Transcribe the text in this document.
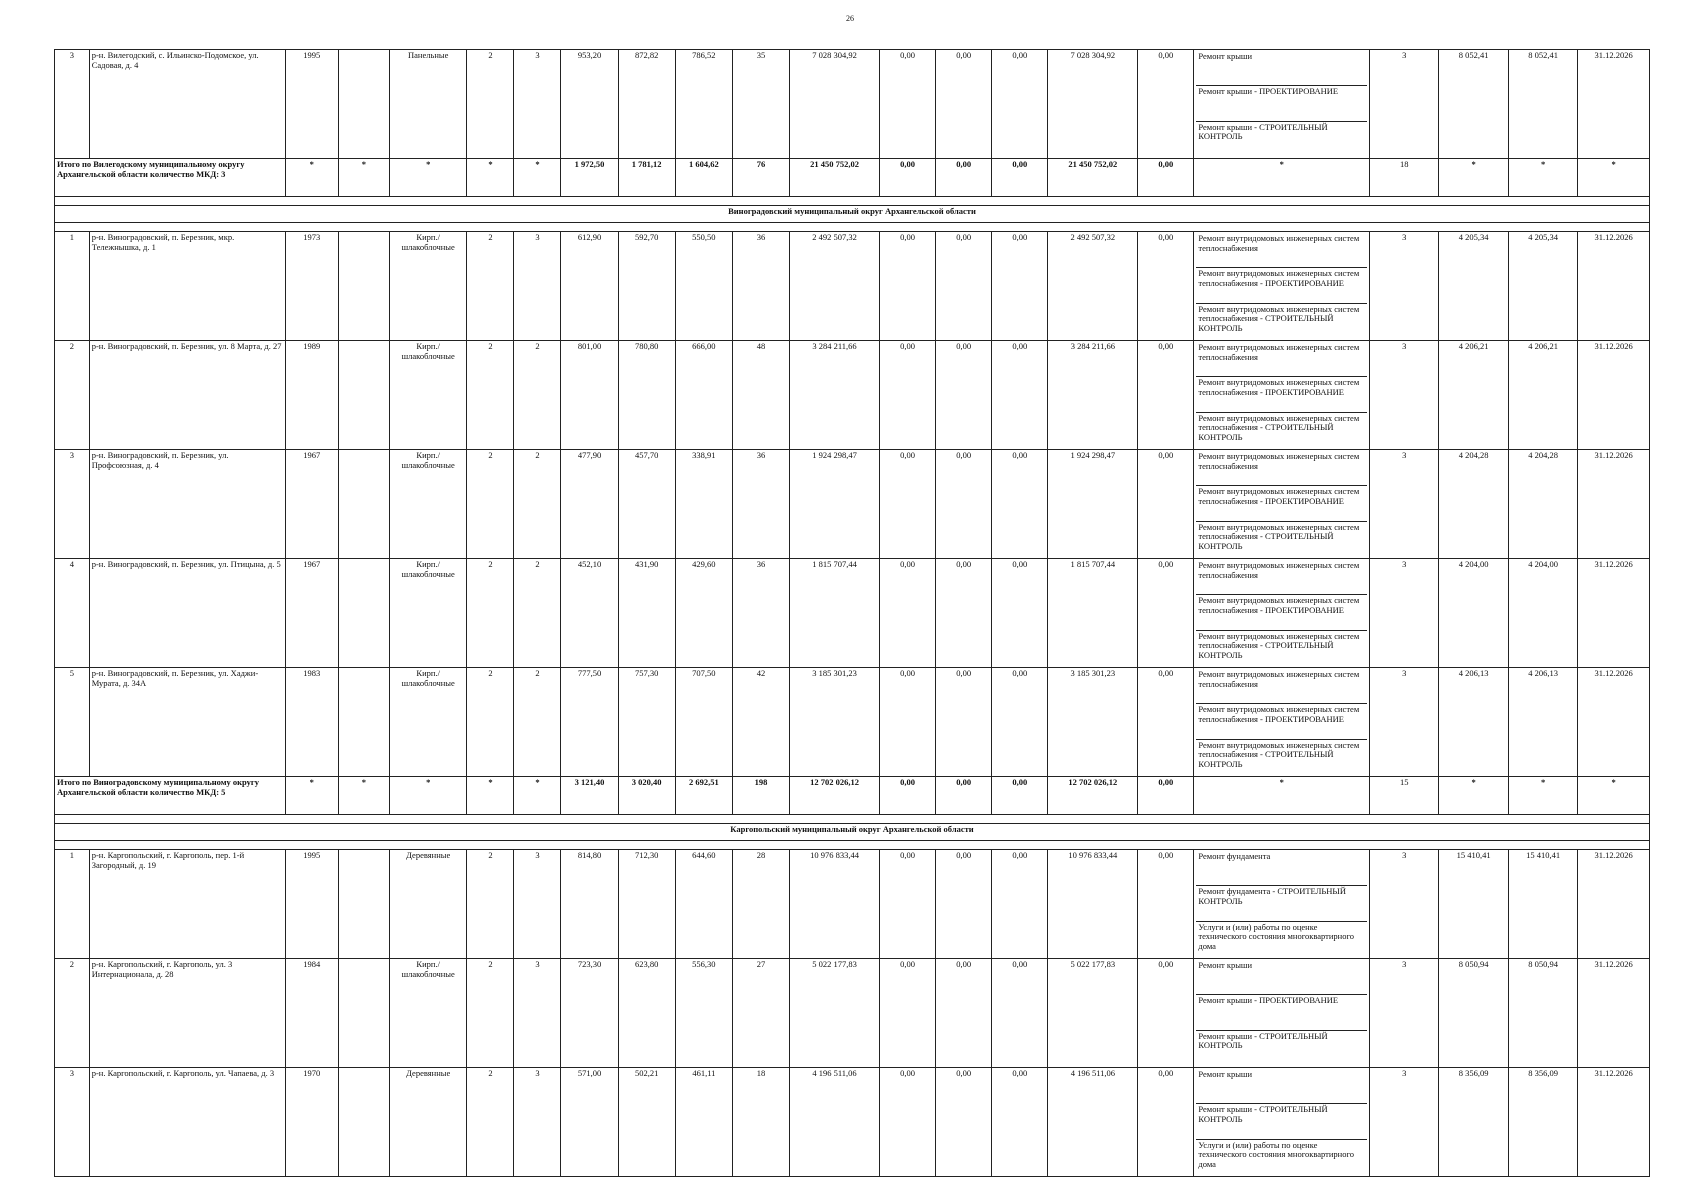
26
3	р-н. Вилегодский, с. Ильинско-Подомское, ул. Садовая, д. 4	1995		Панельные	2	3	953,20	872,82	786,52	35	7 028 304,92	0,00	0,00	0,00	7 028 304,92	0,00	Ремонт крыши
Ремонт крыши - ПРОЕКТИРОВАНИЕ
Ремонт крыши - СТРОИТЕЛЬНЫЙ КОНТРОЛЬ	3	8 052,41	8 052,41	31.12.2026
Итого по Вилегодскому муниципальному округу Архангельской области количество МКД: 3		*	*	*	*	*	1 972,50	1 781,12	1 604,62	76	21 450 752,02	0,00	0,00	0,00	21 450 752,02	0,00	*	18	*	*	*

Виноградовский муниципальный округ Архангельской области																					

1	р-н. Виноградовский, п. Березник, мкр. Тележнышка, д. 1	1973		Кирп./ шлакоблочные	2	3	612,90	592,70	550,50	36	2 492 507,32	0,00	0,00	0,00	2 492 507,32	0,00	Ремонт внутридомовых инженерных систем теплоснабжения
Ремонт внутридомовых инженерных систем теплоснабжения - ПРОЕКТИРОВАНИЕ
Ремонт внутридомовых инженерных систем теплоснабжения - СТРОИТЕЛЬНЫЙ КОНТРОЛЬ	3	4 205,34	4 205,34	31.12.2026
2	р-н. Виноградовский, п. Березник, ул. 8 Марта, д. 27	1989		Кирп./ шлакоблочные	2	2	801,00	780,80	666,00	48	3 284 211,66	0,00	0,00	0,00	3 284 211,66	0,00	Ремонт внутридомовых инженерных систем теплоснабжения
Ремонт внутридомовых инженерных систем теплоснабжения - ПРОЕКТИРОВАНИЕ
Ремонт внутридомовых инженерных систем теплоснабжения - СТРОИТЕЛЬНЫЙ КОНТРОЛЬ	3	4 206,21	4 206,21	31.12.2026
3	р-н. Виноградовский, п. Березник, ул. Профсоюзная, д. 4	1967		Кирп./ шлакоблочные	2	2	477,90	457,70	338,91	36	1 924 298,47	0,00	0,00	0,00	1 924 298,47	0,00	Ремонт внутридомовых инженерных систем теплоснабжения
Ремонт внутридомовых инженерных систем теплоснабжения - ПРОЕКТИРОВАНИЕ
Ремонт внутридомовых инженерных систем теплоснабжения - СТРОИТЕЛЬНЫЙ КОНТРОЛЬ	3	4 204,28	4 204,28	31.12.2026
4	р-н. Виноградовский, п. Березник, ул. Птицына, д. 5	1967		Кирп./ шлакоблочные	2	2	452,10	431,90	429,60	36	1 815 707,44	0,00	0,00	0,00	1 815 707,44	0,00	Ремонт внутридомовых инженерных систем теплоснабжения
Ремонт внутридомовых инженерных систем теплоснабжения - ПРОЕКТИРОВАНИЕ
Ремонт внутридомовых инженерных систем теплоснабжения - СТРОИТЕЛЬНЫЙ КОНТРОЛЬ	3	4 204,00	4 204,00	31.12.2026
5	р-н. Виноградовский, п. Березник, ул. Хаджи-Мурата, д. 34А	1983		Кирп./ шлакоблочные	2	2	777,50	757,30	707,50	42	3 185 301,23	0,00	0,00	0,00	3 185 301,23	0,00	Ремонт внутридомовых инженерных систем теплоснабжения
Ремонт внутридомовых инженерных систем теплоснабжения - ПРОЕКТИРОВАНИЕ
Ремонт внутридомовых инженерных систем теплоснабжения - СТРОИТЕЛЬНЫЙ КОНТРОЛЬ	3	4 206,13	4 206,13	31.12.2026
Итого по Виноградовскому муниципальному округу Архангельской области количество МКД: 5		*	*	*	*	*	3 121,40	3 020,40	2 692,51	198	12 702 026,12	0,00	0,00	0,00	12 702 026,12	0,00	*	15	*	*	*

Каргопольский муниципальный округ Архангельской области																					

1	р-н. Каргопольский, г. Каргополь, пер. 1-й Загородный, д. 19	1995		Деревянные	2	3	814,80	712,30	644,60	28	10 976 833,44	0,00	0,00	0,00	10 976 833,44	0,00	Ремонт фундамента
Ремонт фундамента - СТРОИТЕЛЬНЫЙ КОНТРОЛЬ
Услуги и (или) работы по оценке технического состояния многоквартирного дома	3	15 410,41	15 410,41	31.12.2026
2	р-н. Каргопольский, г. Каргополь, ул. 3 Интернационала, д. 28	1984		Кирп./ шлакоблочные	2	3	723,30	623,80	556,30	27	5 022 177,83	0,00	0,00	0,00	5 022 177,83	0,00	Ремонт крыши
Ремонт крыши - ПРОЕКТИРОВАНИЕ
Ремонт крыши - СТРОИТЕЛЬНЫЙ КОНТРОЛЬ	3	8 050,94	8 050,94	31.12.2026
3	р-н. Каргопольский, г. Каргополь, ул. Чапаева, д. 3	1970		Деревянные	2	3	571,00	502,21	461,11	18	4 196 511,06	0,00	0,00	0,00	4 196 511,06	0,00	Ремонт крыши
Ремонт крыши - СТРОИТЕЛЬНЫЙ КОНТРОЛЬ
Услуги и (или) работы по оценке технического состояния многоквартирного дома	3	8 356,09	8 356,09	31.12.2026
